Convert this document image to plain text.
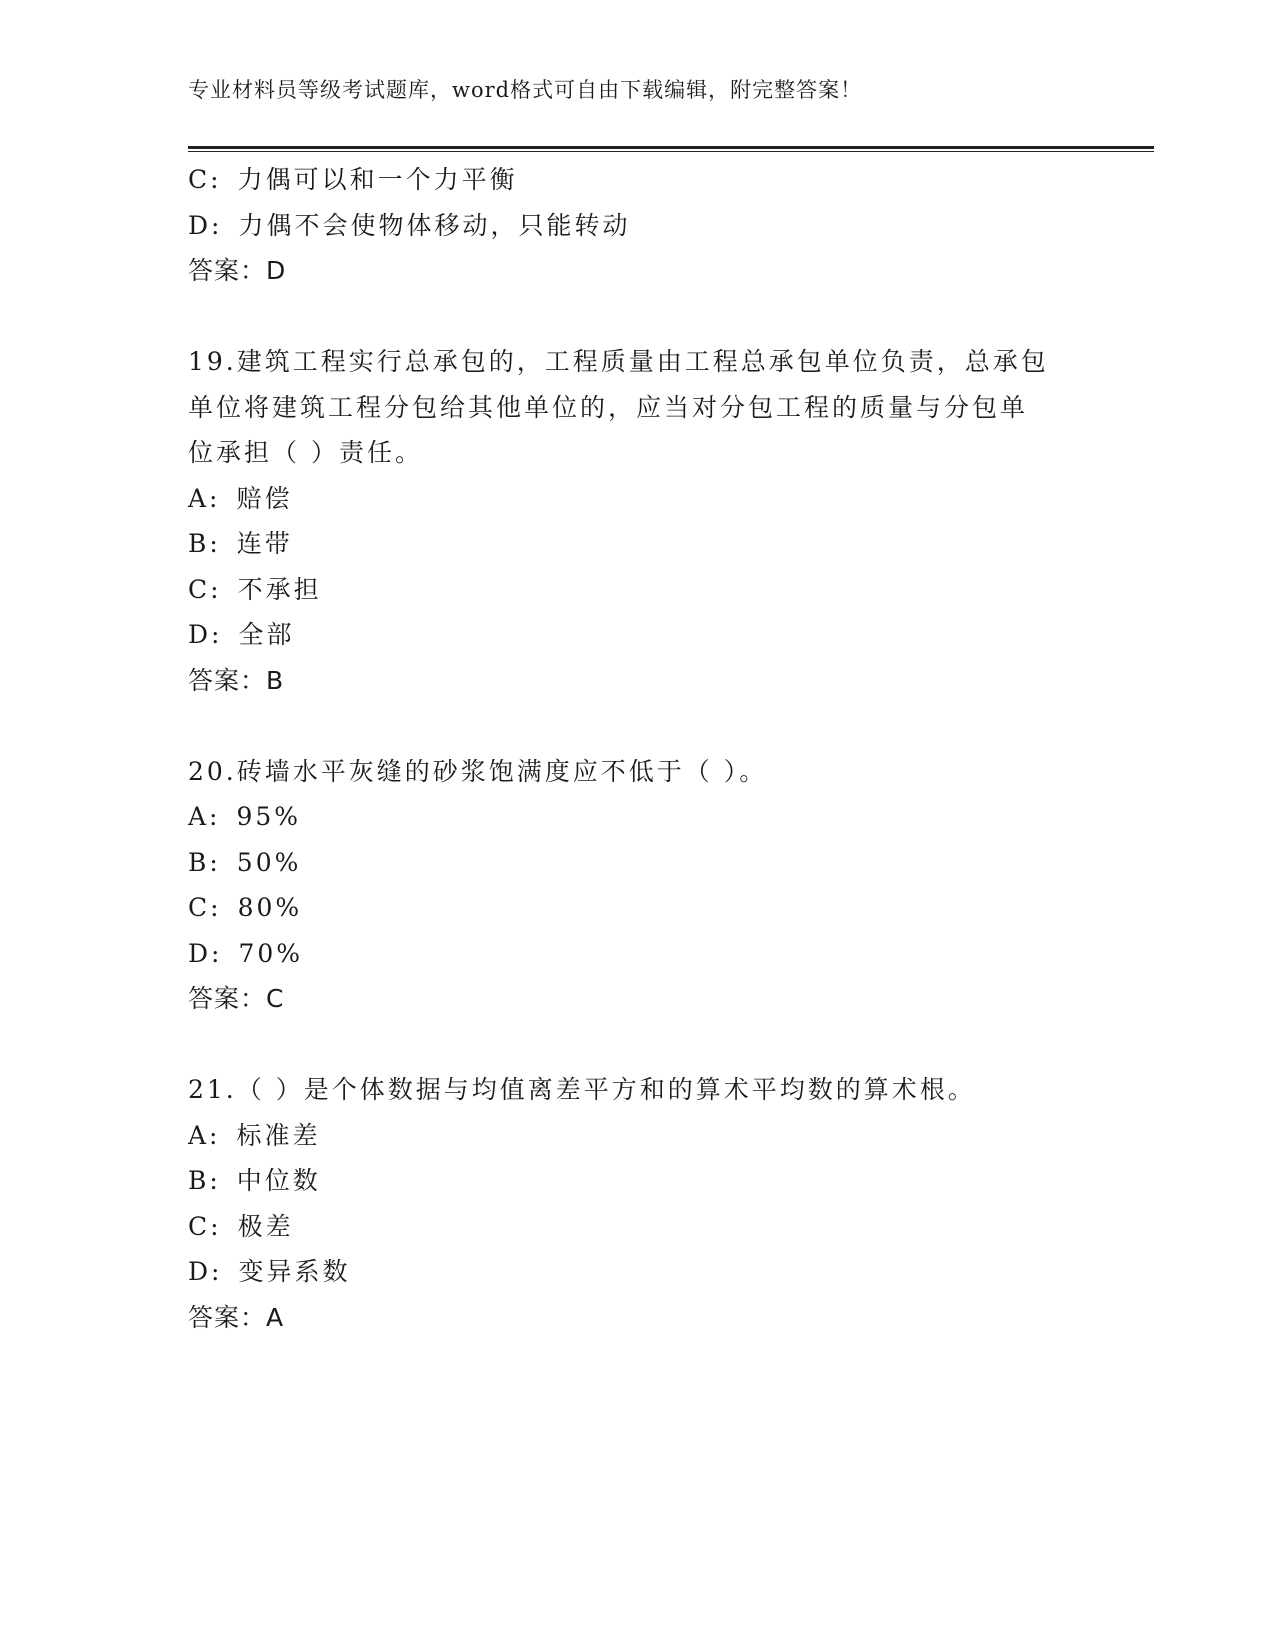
专业材料员等级考试题库，word格式可自由下载编辑，附完整答案！
C: 力偶可以和一个力平衡
D: 力偶不会使物体移动，只能转动
答案：D
19.建筑工程实行总承包的，工程质量由工程总承包单位负责，总承包
单位将建筑工程分包给其他单位的，应当对分包工程的质量与分包单
位承担（ ）责任。
A: 赔偿
B: 连带
C: 不承担
D: 全部
答案：B
20.砖墙水平灰缝的砂浆饱满度应不低于（ ）。
A: 95%
B: 50%
C: 80%
D: 70%
答案：C
21.（ ）是个体数据与均值离差平方和的算术平均数的算术根。
A: 标准差
B: 中位数
C: 极差
D: 变异系数
答案：A
